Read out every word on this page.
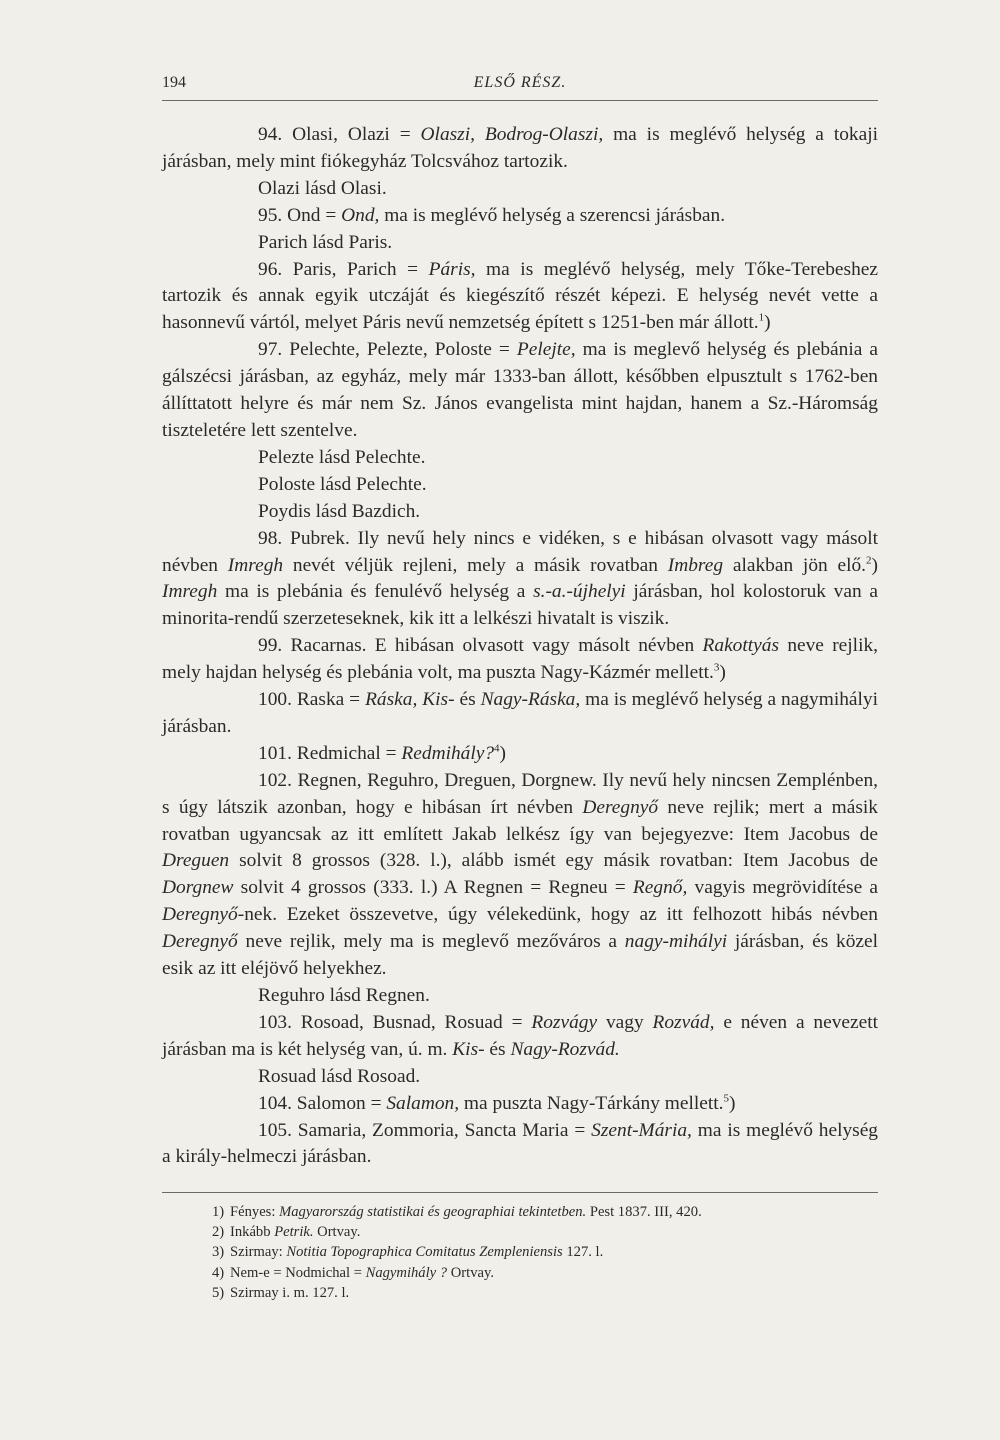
194	ELSŐ RÉSZ.

94. Olasi, Olazi = Olaszi, Bodrog-Olaszi, ma is meglévő helység a tokaji járásban, mely mint fiókegyház Tolcsvához tartozik.

Olazi lásd Olasi.

95. Ond = Ond, ma is meglévő helység a szerencsi járásban.

Parich lásd Paris.

96. Paris, Parich = Páris, ma is meglévő helység, mely Tőke-Terebeshez tartozik és annak egyik utczáját és kiegészítő részét képezi. E helység nevét vette a hasonnevű vártól, melyet Páris nevű nemzetség épített s 1251-ben már állott.$^1$)

97. Pelechte, Pelezte, Poloste = Pelejte, ma is meglevő helység és plebánia a gálszécsi járásban, az egyház, mely már 1333-ban állott, későbben elpusztult s 1762-ben állíttatott helyre és már nem Sz. János evangelista mint hajdan, hanem a Sz.-Háromság tiszteletére lett szentelve.

Pelezte lásd Pelechte.

Poloste lásd Pelechte.

Poydis lásd Bazdich.

98. Pubrek. Ily nevű hely nincs e vidéken, s e hibásan olvasott vagy másolt névben Imregh nevét véljük rejleni, mely a másik rovatban Imbreg alakban jön elő.$^2$) Imregh ma is plebánia és fenulévő helység a s.-a.-újhelyi járásban, hol kolostoruk van a minorita-rendű szerzeteseknek, kik itt a lelkészi hivatalt is viszik.

99. Racarnas. E hibásan olvasott vagy másolt névben Rakottyás neve rejlik, mely hajdan helység és plebánia volt, ma puszta Nagy-Kázmér mellett.$^3$)

100. Raska = Ráska, Kis- és Nagy-Ráska, ma is meglévő helység a nagymihályi járásban.

101. Redmichal = Redmihály?$^4$)

102. Regnen, Reguhro, Dreguen, Dorgnew. Ily nevű hely nincsen Zemplénben, s úgy látszik azonban, hogy e hibásan írt névben Deregnyő neve rejlik; mert a másik rovatban ugyancsak az itt említett Jakab lelkész így van bejegyezve: Item Jacobus de Dreguen solvit 8 grossos (328. l.), alább ismét egy másik rovatban: Item Jacobus de Dorgnew solvit 4 grossos (333. l.) A Regnen = Regneu = Regnő, vagyis megrövidítése a Deregnyő-nek. Ezeket összevetve, úgy vélekedünk, hogy az itt felhozott hibás névben Deregnyő neve rejlik, mely ma is meglevő mezőváros a nagy-mihályi járásban, és közel esik az itt eléjövő helyekhez.

Reguhro lásd Regnen.

103. Rosoad, Busnad, Rosuad = Rozvágy vagy Rozvád, e néven a nevezett járásban ma is két helység van, ú. m. Kis- és Nagy-Rozvád.

Rosuad lásd Rosoad.

104. Salomon = Salamon, ma puszta Nagy-Tárkány mellett.$^5$)

105. Samaria, Zommoria, Sancta Maria = Szent-Mária, ma is meglévő helység a király-helmeczi járásban.

1) Fényes: Magyarország statistikai és geographiai tekintetben. Pest 1837. III, 420.
2) Inkább Petrik. Ortvay.
3) Szirmay: Notitia Topographica Comitatus Zempleniensis 127. l.
4) Nem-e = Nodmichal = Nagymihály ? Ortvay.
5) Szirmay i. m. 127. l.
